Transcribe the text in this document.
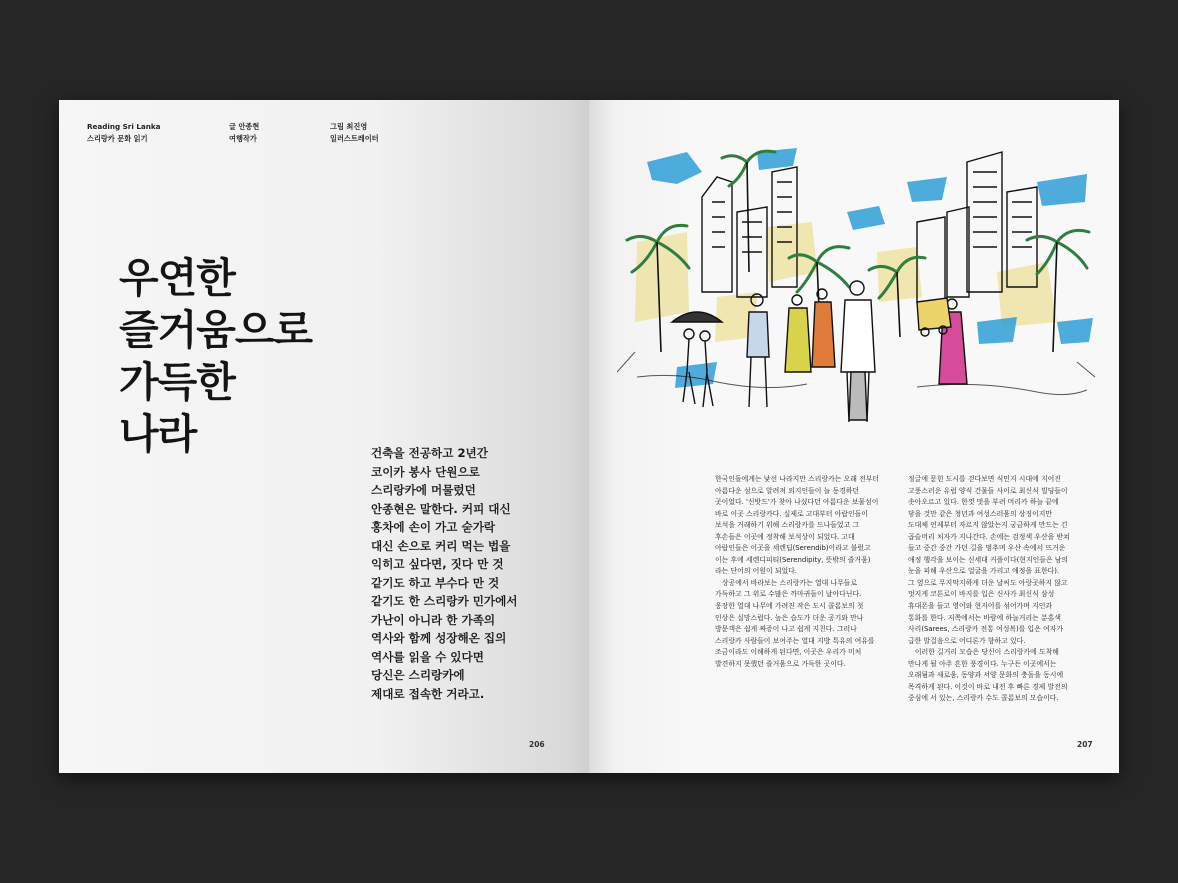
Reading Sri Lanka
스리랑카 문화 읽기
글 안종현
여행작가
그림 최진영
일러스트레이터
우연한
즐거움으로
가득한
나라	건축을 전공하고 2년간
코이카 봉사 단원으로
스리랑카에 머물렀던
안종현은 말한다. 커피 대신
홍차에 손이 가고 숟가락
대신 손으로 커리 먹는 법을
익히고 싶다면, 짓다 만 것
같기도 하고 부수다 만 것
같기도 한 스리랑카 민가에서
가난이 아니라 한 가족의
역사와 함께 성장해온 집의
역사를 읽을 수 있다면
당신은 스리랑카에
제대로 접속한 거라고.
206
한국인들에게는 낯선 나라지만 스리랑카는 오래 전부터
아름다운 섬으로 알려져 외지인들이 늘 동경하던
곳이었다. '신밧드'가 찾아 나섰다던 아름다운 보물섬이
바로 이곳 스리랑카다. 실제로 고대부터 아랍인들이
보석을 거래하기 위해 스리랑카를 드나들었고 그
후손들은 이곳에 정착해 보석상이 되었다. 고대
아랍인들은 이곳을 세렌딥(Serendib)이라고 불렀고
이는 후에 세렌디피티(Serendipity, 뜻밖의 즐거움)
라는 단어의 어원이 되었다.
　상공에서 바라보는 스리랑카는 열대 나무들로
가득하고 그 위로 수많은 까마귀들이 날아다닌다.
웅장한 열대 나무에 가려진 작은 도시 콜롬보의 첫
인상은 실망스럽다. 높은 습도가 더운 공기와 만나
방문객은 쉽게 짜증이 나고 쉽게 지친다. 그러나
스리랑카 사람들이 보여주는 열대 지방 특유의 여유를
조금이라도 이해하게 된다면, 이곳은 우리가 미처
발견하지 못했던 즐거움으로 가득한 곳이다.
정글에 묻힌 도시를 걷다보면 식민지 시대에 지어진
고풍스러운 유럽 양식 건물들 사이로 최신식 빌딩들이
솟아오르고 있다. 한껏 멋을 부려 머리카 하늘 끝에
닿을 것만 같은 청년과 여성스러움의 상징이지만
도대체 언제부터 자르지 않았는지 궁금하게 만드는 긴
곱슬머리 처자가 지나간다. 손에는 검정색 우산을 받쳐
들고 중간 중간 가던 길을 멈추며 우산 속에서 뜨거운
애정 행각을 보이는 신세대 커플이다(현지인들은 남의
눈을 피해 우산으로 얼굴을 가리고 애정을 표한다).
그 옆으로 무지막지하게 더운 날씨도 아랑곳하지 않고
멋지게 코튼로이 바지를 입은 신사가 최신식 삼성
휴대폰을 들고 영어와 현지어를 섞어가며 지인과
통화를 한다. 저쪽에서는 바람에 하늘거리는 분홍색
사리(Sarees, 스리랑카 전통 여성복)를 입은 여자가
급한 발걸음으로 어디론가 향하고 있다.
　이러한 길거리 모습은 당신이 스리랑카에 도착해
만나게 될 아주 흔한 풍경이다. 누구든 이곳에서는
오래됨과 새로움, 동양과 서양 문화의 충돌을 동시에
목격하게 된다. 이것이 바로 내전 후 빠른 경제 발전의
중심에 서 있는, 스리랑카 수도 콜롬보의 모습이다.
207
